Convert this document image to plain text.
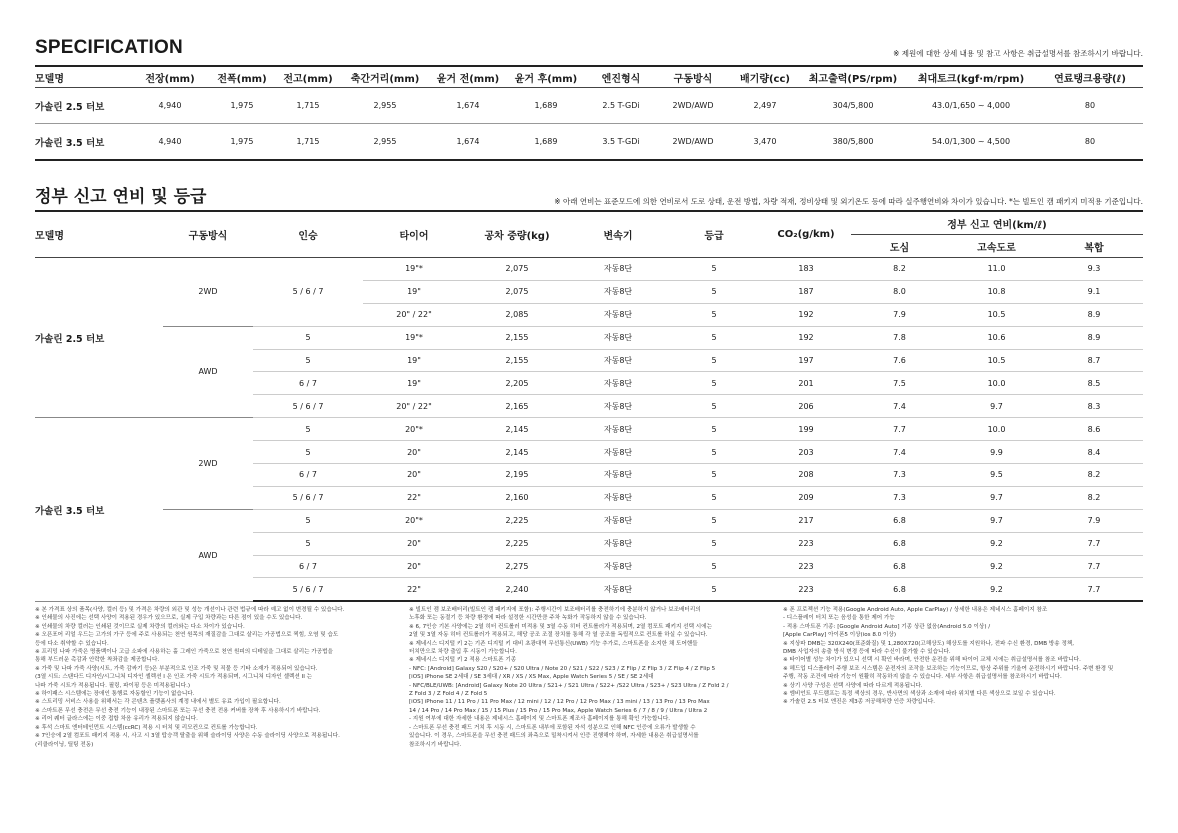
SPECIFICATION	※ 제원에 대한 상세 내용 및 참고 사항은 취급설명서를 참조하시기 바랍니다.
모델명	전장(mm)	전폭(mm)	전고(mm)	축간거리(mm)	윤거 전(mm)	윤거 후(mm)	엔진형식	구동방식	배기량(cc)	최고출력(PS/rpm)	최대토크(kgf·m/rpm)	연료탱크용량(ℓ)
가솔린 2.5 터보	4,940	1,975	1,715	2,955	1,674	1,689	2.5 T-GDi	2WD/AWD	2,497	304/5,800	43.0/1,650 ~ 4,000	80
가솔린 3.5 터보	4,940	1,975	1,715	2,955	1,674	1,689	3.5 T-GDi	2WD/AWD	3,470	380/5,800	54.0/1,300 ~ 4,500	80
정부 신고 연비 및 등급	※ 아래 연비는 표준모드에 의한 연비로서 도로 상태, 운전 방법, 차량 적재, 정비상태 및 외기온도 등에 따라 실주행연비와 차이가 있습니다. *는 빌트인 캠 패키지 미적용 기준입니다.
모델명	구동방식	인승	타이어	공차 중량(kg)	변속기	등급	CO₂(g/km)	정부 신고 연비(km/ℓ)		
								도심	고속도로	복합
가솔린 2.5 터보	2WD	5 / 6 / 7	19"*	2,075	자동8단	5	183	8.2	11.0	9.3
			19"	2,075	자동8단	5	187	8.0	10.8	9.1
			20" / 22"	2,085	자동8단	5	192	7.9	10.5	8.9
	AWD	5	19"*	2,155	자동8단	5	192	7.8	10.6	8.9
		5	19"	2,155	자동8단	5	197	7.6	10.5	8.7
		6 / 7	19"	2,205	자동8단	5	201	7.5	10.0	8.5
		5 / 6 / 7	20" / 22"	2,165	자동8단	5	206	7.4	9.7	8.3
가솔린 3.5 터보	2WD	5	20"*	2,145	자동8단	5	199	7.7	10.0	8.6
		5	20"	2,145	자동8단	5	203	7.4	9.9	8.4
		6 / 7	20"	2,195	자동8단	5	208	7.3	9.5	8.2
		5 / 6 / 7	22"	2,160	자동8단	5	209	7.3	9.7	8.2
	AWD	5	20"*	2,225	자동8단	5	217	6.8	9.7	7.9
		5	20"	2,225	자동8단	5	223	6.8	9.2	7.7
		6 / 7	20"	2,275	자동8단	5	223	6.8	9.2	7.7
		5 / 6 / 7	22"	2,240	자동8단	5	223	6.8	9.2	7.7
※ 본 가격표 상의 품목(사양, 컬러 등) 및 가격은 차량의 외관 및 성능 개선이나 관련 법규에 따라 예고 없이 변경될 수 있습니다.
※ 인쇄물의 사진에는 선택 사양이 적용된 경우가 있으므로, 실제 구입 차량과는 다른 점이 있을 수도 있습니다.
※ 인쇄물의 차량 컬러는 인쇄된 것이므로 실제 차량의 컬러와는 다소 차이가 있습니다.
※ 오픈포어 리얼 우드는 고가의 가구 등에 주로 사용되는 천연 원목의 재질감을 그대로 살리는 가공법으로 찍힘, 오염 및 습도
등에 다소 취약할 수 있습니다.
※ 프리밍 나파 가죽은 명품백이나 고급 소파에 사용하는 홀 그레인 가죽으로 천연 원피의 디테일을 그대로 살리는 가공법을
통해 부드러운 촉감과 안락한 착좌감을 제공합니다.
※ 가죽 및 나파 가죽 사양(시트, 가죽 감싸기 등)은 부분적으로 인조 가죽 및 직물 등 기타 소재가 적용되어 있습니다.
(3열 시트: 스탠다드 디자인/시그니쳐 디자인 셀렉션 I 은 인조 가죽 시트가 적용되며, 시그니쳐 디자인 셀렉션 II 는
나파 가죽 시트가 적용됩니다. 필링, 파이핑 등은 미적용됩니다.)
※ 하이패스 시스템에는 장애인 통행료 자동할인 기능이 없습니다.
※ 스트리밍 서비스 사용을 위해서는 각 콘텐츠 플랫폼사의 계정 내에서 별도 유료 가입이 필요합니다.
※ 스마트폰 무선 충전은 무선 충전 기능이 내장된 스마트폰 또는 무선 충전 전용 커버를 장착 후 사용하시기 바랍니다.
※ 리어 퀘터 글라스에는 이중 접합 차음 유리가 적용되지 않습니다.
※ 후석 스마트 엔터테인먼트 시스템(ccRC) 적용 시 터치 및 리모컨으로 컨트롤 가능합니다.
※ 7인승에 2열 컴포트 패키지 적용 시, 사고 시 3열 탑승객 탈출을 위해 슬라이딩 사양은 수동 슬라이딩 사양으로 적용됩니다.
(리클라이닝, 틸팅 전동)
※ 빌트인 캠 보조배터리(빌트인 캠 패키지에 포함): 주행시간이 보조배터리를 충전하기에 충분하지 않거나 보조배터리의
노후화 또는 동절기 등 차량 환경에 따라 설정한 시간만큼 주차 녹화가 작동하지 않을 수 있습니다.
※ 6, 7인승 기본 사양에는 2열 히터 컨트롤러 미적용 및 3열 수동 히터 컨트롤러가 적용되며, 2열 컴포트 패키지 선택 시에는
2열 및 3열 자동 히터 컨트롤러가 적용되고, 해당 공조 조절 장치를 통해 각 열 공조를 독립적으로 컨트롤 하실 수 있습니다.
※ 제네시스 디지털 키 2는 기존 디지털 키 대비 초광대역 무선통신(UWB) 기능 추가로, 스마트폰을 소지한 채 도어핸들
터치만으로 차량 출입 후 시동이 가능합니다.
※ 제네시스 디지털 키 2 적용 스마트폰 기종
- NFC: [Android] Galaxy S20 / S20+ / S20 Ultra / Note 20 / S21 / S22 / S23 / Z Flip / Z Flip 3 / Z Flip 4 / Z Flip 5
[iOS] iPhone SE 2세대 / SE 3세대 / XR / XS / XS Max, Apple Watch Series 5 / SE / SE 2세대
- NFC/BLE/UWB: [Android] Galaxy Note 20 Ultra / S21+ / S21 Ultra / S22+ /S22 Ultra / S23+ / S23 Ultra / Z Fold 2 /
Z Fold 3 / Z Fold 4 / Z Fold 5
[iOS] iPhone 11 / 11 Pro / 11 Pro Max / 12 mini / 12 / 12 Pro / 12 Pro Max / 13 mini / 13 / 13 Pro / 13 Pro Max
14 / 14 Pro / 14 Pro Max / 15 / 15 Plus / 15 Pro / 15 Pro Max, Apple Watch Series 6 / 7 / 8 / 9 / Ultra / Ultra 2
- 지원 여부에 대한 자세한 내용은 제네시스 홈페이지 및 스마트폰 제조사 홈페이지를 통해 확인 가능합니다.
- 스마트폰 무선 충전 패드 거치 후 시동 시, 스마트폰 내부에 포함된 자석 성분으로 인해 NFC 인증에 오류가 발생할 수
있습니다. 이 경우, 스마트폰을 무선 충전 패드의 좌측으로 밀착시켜서 인증 진행해야 하며, 자세한 내용은 취급설명서를
참조하시기 바랍니다.
※ 폰 프로젝션 기능 적용(Google Android Auto, Apple CarPlay) / 상세한 내용은 제네시스 홈페이지 참조
- 디스플레이 터치 또는 음성을 통한 제어 가능
- 적용 스마트폰 기종: [Google Android Auto] 기종 상관 없음(Android 5.0 이상) /
[Apple CarPlay] 아이폰5 이상(ios 8.0 이상)
※ 지상파 DMB는 320X240(표준화질) 및 1,280X720(고해상도) 해상도를 지원하나, 전파 수신 환경, DMB 방송 정책,
DMB 사업자의 송출 방식 변경 등에 따라 수신이 불가할 수 있습니다.
※ 타이어별 성능 차이가 있으니 선택 시 확인 바라며, 안전한 운전을 위해 타이어 교체 시에는 취급설명서를 참조 바랍니다.
※ 헤드업 디스플레이 주행 보조 시스템은 운전자의 조작을 보조하는 기능이므로, 항상 주위를 기울여 운전하시기 바랍니다. 주변 환경 및
주행, 작동 조건에 따라 기능이 원활히 작동하지 않을 수 있습니다. 세부 사항은 취급설명서를 참조하시기 바랍니다.
※ 상기 사양 구성은 선택 사양에 따라 다르게 적용됩니다.
※ 엠비언트 무드램프는 특정 색상의 경우, 반사면의 색상과 소재에 따라 위치별 다른 색상으로 보일 수 있습니다.
※ 가솔린 2.5 터보 엔진은 제3종 저공해차량 인증 차량입니다.
